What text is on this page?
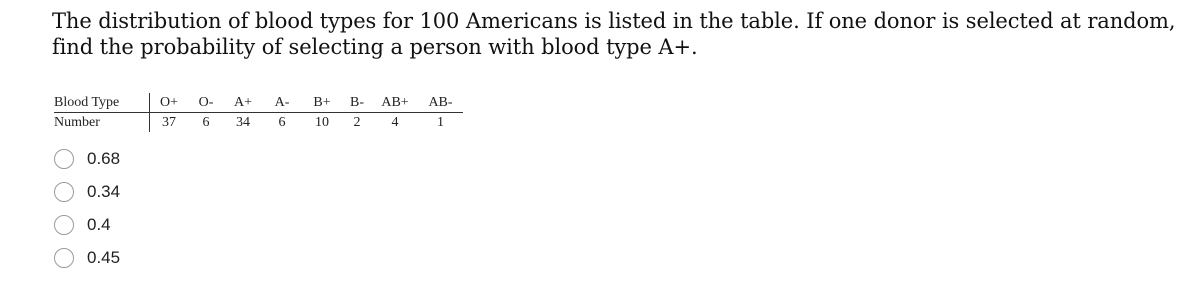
The distribution of blood types for 100 Americans is listed in the table. If one donor is selected at random, find the probability of selecting a person with blood type A+.
Blood Type	O+	O-	A+	A-	B+	B-	AB+	AB-
Number	37	6	34	6	10	2	4	1
0.68
0.34
0.4
0.45
